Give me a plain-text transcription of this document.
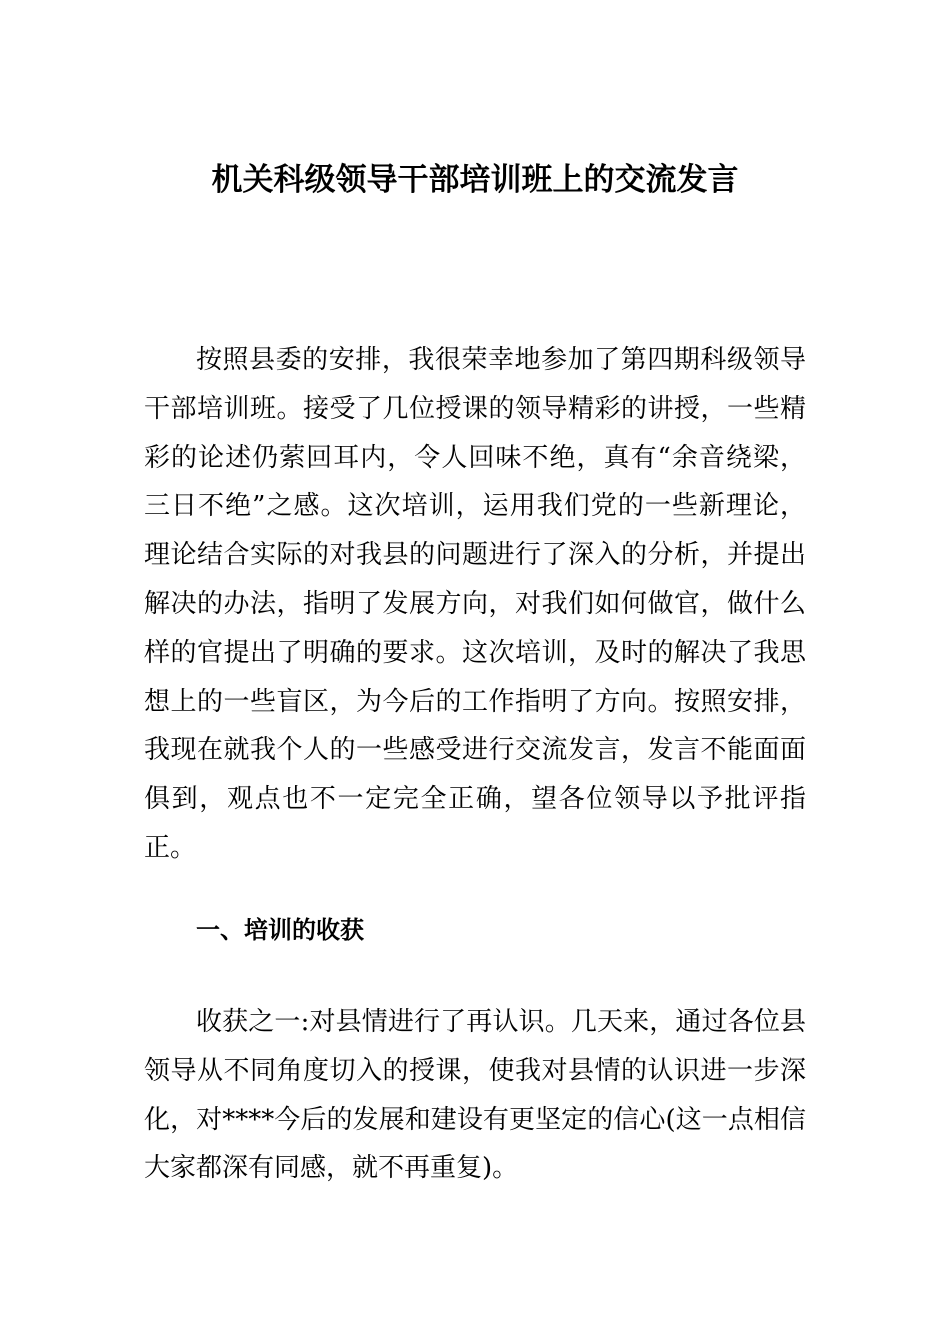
机关科级领导干部培训班上的交流发言

按照县委的安排，我很荣幸地参加了第四期科级领导干部培训班。接受了几位授课的领导精彩的讲授，一些精彩的论述仍萦回耳内，令人回味不绝，真有“余音绕梁，三日不绝”之感。这次培训，运用我们党的一些新理论，理论结合实际的对我县的问题进行了深入的分析，并提出解决的办法，指明了发展方向，对我们如何做官，做什么样的官提出了明确的要求。这次培训，及时的解决了我思想上的一些盲区，为今后的工作指明了方向。按照安排，我现在就我个人的一些感受进行交流发言，发言不能面面俱到，观点也不一定完全正确，望各位领导以予批评指正。

一、培训的收获

收获之一:对县情进行了再认识。几天来，通过各位县领导从不同角度切入的授课，使我对县情的认识进一步深化，对****今后的发展和建设有更坚定的信心(这一点相信大家都深有同感，就不再重复)。
